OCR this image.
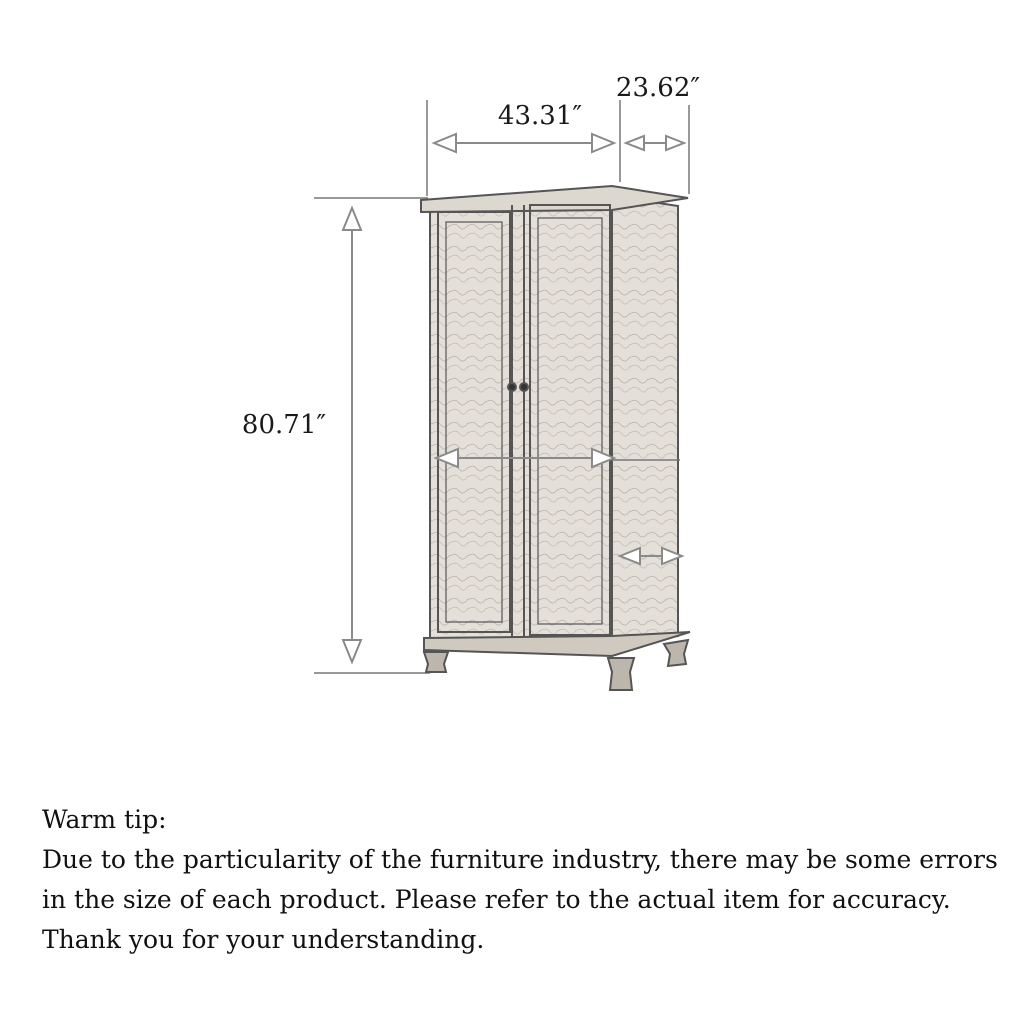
43.31″
23.62″
80.71″

Warm tip:

Due to the particularity of the furniture industry, there may be some errors in the size of each product. Please refer to the actual item for accuracy. Thank you for your understanding.
